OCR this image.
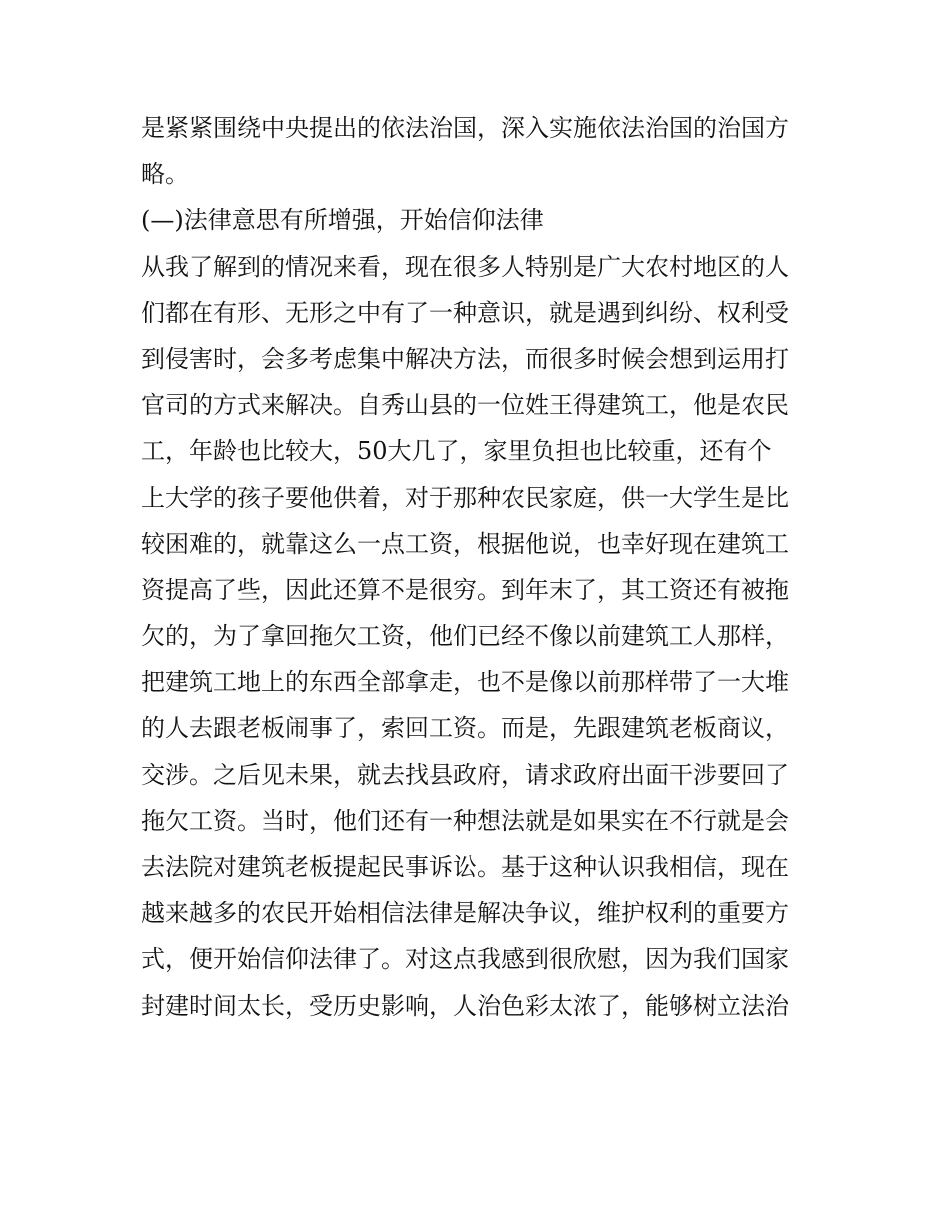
是紧紧围绕中央提出的依法治国，深入实施依法治国的治国方
略。
(—)法律意思有所增强，开始信仰法律
从我了解到的情况来看，现在很多人特别是广大农村地区的人
们都在有形、无形之中有了一种意识，就是遇到纠纷、权利受
到侵害时，会多考虑集中解决方法，而很多时候会想到运用打
官司的方式来解决。自秀山县的一位姓王得建筑工，他是农民
工，年龄也比较大，50大几了，家里负担也比较重，还有个
上大学的孩子要他供着，对于那种农民家庭，供一大学生是比
较困难的，就靠这么一点工资，根据他说，也幸好现在建筑工
资提高了些，因此还算不是很穷。到年末了，其工资还有被拖
欠的，为了拿回拖欠工资，他们已经不像以前建筑工人那样，
把建筑工地上的东西全部拿走，也不是像以前那样带了一大堆
的人去跟老板闹事了，索回工资。而是，先跟建筑老板商议，
交涉。之后见未果，就去找县政府，请求政府出面干涉要回了
拖欠工资。当时，他们还有一种想法就是如果实在不行就是会
去法院对建筑老板提起民事诉讼。基于这种认识我相信，现在
越来越多的农民开始相信法律是解决争议，维护权利的重要方
式，便开始信仰法律了。对这点我感到很欣慰，因为我们国家
封建时间太长，受历史影响，人治色彩太浓了，能够树立法治
